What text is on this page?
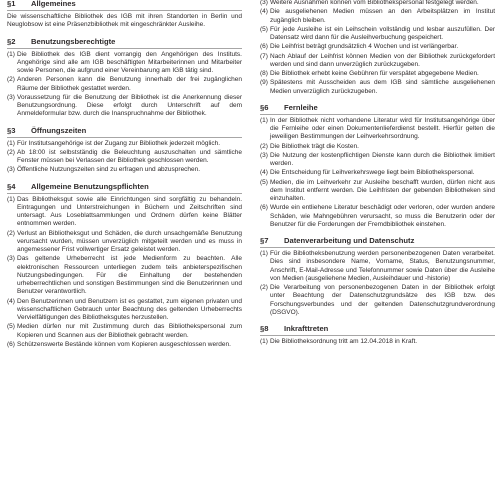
§1	Allgemeines
Die wissenschaftliche Bibliothek des IGB mit ihren Standorten in Berlin und Neuglobsow ist eine Präsenzbibliothek mit eingeschränkter Ausleihe.
§2	Benutzungsberechtigte
(1) Die Bibliothek des IGB dient vorrangig den Angehörigen des Instituts. Angehörige sind alle am IGB beschäftigten Mitarbeiterinnen und Mitarbeiter sowie Personen, die aufgrund einer Vereinbarung am IGB tätig sind.
(2) Anderen Personen kann die Benutzung innerhalb der frei zugänglichen Räume der Bibliothek gestattet werden.
(3) Voraussetzung für die Benutzung der Bibliothek ist die Anerkennung dieser Benutzungsordnung. Diese erfolgt durch Unterschrift auf dem Anmeldeformular bzw. durch die Inanspruchnahme der Bibliothek.
§3	Öffnungszeiten
(1) Für Institutsangehörige ist der Zugang zur Bibliothek jederzeit möglich.
(2) Ab 18:00 ist selbstständig die Beleuchtung auszuschalten und sämtliche Fenster müssen bei Verlassen der Bibliothek geschlossen werden.
(3) Öffentliche Nutzungszeiten sind zu erfragen und abzusprechen.
§4	Allgemeine Benutzungspflichten
(1) Das Bibliotheksgut sowie alle Einrichtungen sind sorgfältig zu behandeln. Eintragungen und Unterstreichungen in Büchern und Zeitschriften sind untersagt. Aus Loseblattsammlungen und Ordnern dürfen keine Blätter entnommen werden.
(2) Verlust an Bibliotheksgut und Schäden, die durch unsachgemäße Benutzung verursacht wurden, müssen unverzüglich mitgeteilt werden und es muss in angemessener Frist vollwertiger Ersatz geleistet werden.
(3) Das geltende Urheberrecht ist jede Medienform zu beachten. Alle elektronischen Ressourcen unterliegen zudem teils anbieterspezifischen Nutzungsbedingungen. Für die Einhaltung der bestehenden urheberrechtlichen und sonstigen Bestimmungen sind die Benutzerinnen und Benutzer verantwortlich.
(4) Den Benutzerinnen und Benutzern ist es gestattet, zum eigenen privaten und wissenschaftlichen Gebrauch unter Beachtung des geltenden Urheberrechts Vervielfältigungen des Bibliotheksgutes herzustellen.
(5) Medien dürfen nur mit Zustimmung durch das Bibliothekspersonal zum Kopieren und Scannen aus der Bibliothek gebracht werden.
(6) Schützenswerte Bestände können vom Kopieren ausgeschlossen werden.
(3) Weitere Ausnahmen können vom Bibliothekspersonal festgelegt werden.
(4) Die ausgeliehenen Medien müssen an den Arbeitsplätzen im Institut zugänglich bleiben.
(5) Für jede Ausleihe ist ein Leihschein vollständig und lesbar auszufüllen. Der Datensatz wird dann für die Ausleihverbuchung gespeichert.
(6) Die Leihfrist beträgt grundsätzlich 4 Wochen und ist verlängerbar.
(7) Nach Ablauf der Leihfrist können Medien von der Bibliothek zurückgefordert werden und sind dann unverzüglich zurückzugeben.
(8) Die Bibliothek erhebt keine Gebühren für verspätet abgegebene Medien.
(9) Spätestens mit Ausscheiden aus dem IGB sind sämtliche ausgeliehenen Medien unverzüglich zurückzugeben.
§6	Fernleihe
(1) In der Bibliothek nicht vorhandene Literatur wird für Institutsangehörige über die Fernleihe oder einen Dokumentenlieferdienst bestellt. Hierfür gelten die jeweiligen Bestimmungen der Leihverkehrsordnung.
(2) Die Bibliothek trägt die Kosten.
(3) Die Nutzung der kostenpflichtigen Dienste kann durch die Bibliothek limitiert werden.
(4) Die Entscheidung für Leihverkehrswege liegt beim Bibliothekspersonal.
(5) Medien, die im Leihverkehr zur Ausleihe beschafft wurden, dürfen nicht aus dem Institut entfernt werden. Die Leihfristen der gebenden Bibliotheken sind einzuhalten.
(6) Wurde ein entliehene Literatur beschädigt oder verloren, oder wurden andere Schäden, wie Mahngebühren verursacht, so muss die Benutzerin oder der Benutzer für die Forderungen der Fremdbibliothek einstehen.
§7	Datenverarbeitung und Datenschutz
(1) Für die Bibliotheksbenutzung werden personenbezogenen Daten verarbeitet. Dies sind insbesondere Name, Vorname, Status, Benutzungsnummer, Anschrift, E-Mail-Adresse und Telefonnummer sowie Daten über die Ausleihe von Medien (ausgeliehene Medien, Ausleihdauer und -historie)
(2) Die Verarbeitung von personenbezogenen Daten in der Bibliothek erfolgt unter Beachtung der Datenschutzgrundsätze des IGB bzw. des Forschungsverbundes und der geltenden Datenschutzgrundverordnung (DSGVO).
§8	Inkrafttreten
(1) Die Bibliotheksordnung tritt am 12.04.2018 in Kraft.
